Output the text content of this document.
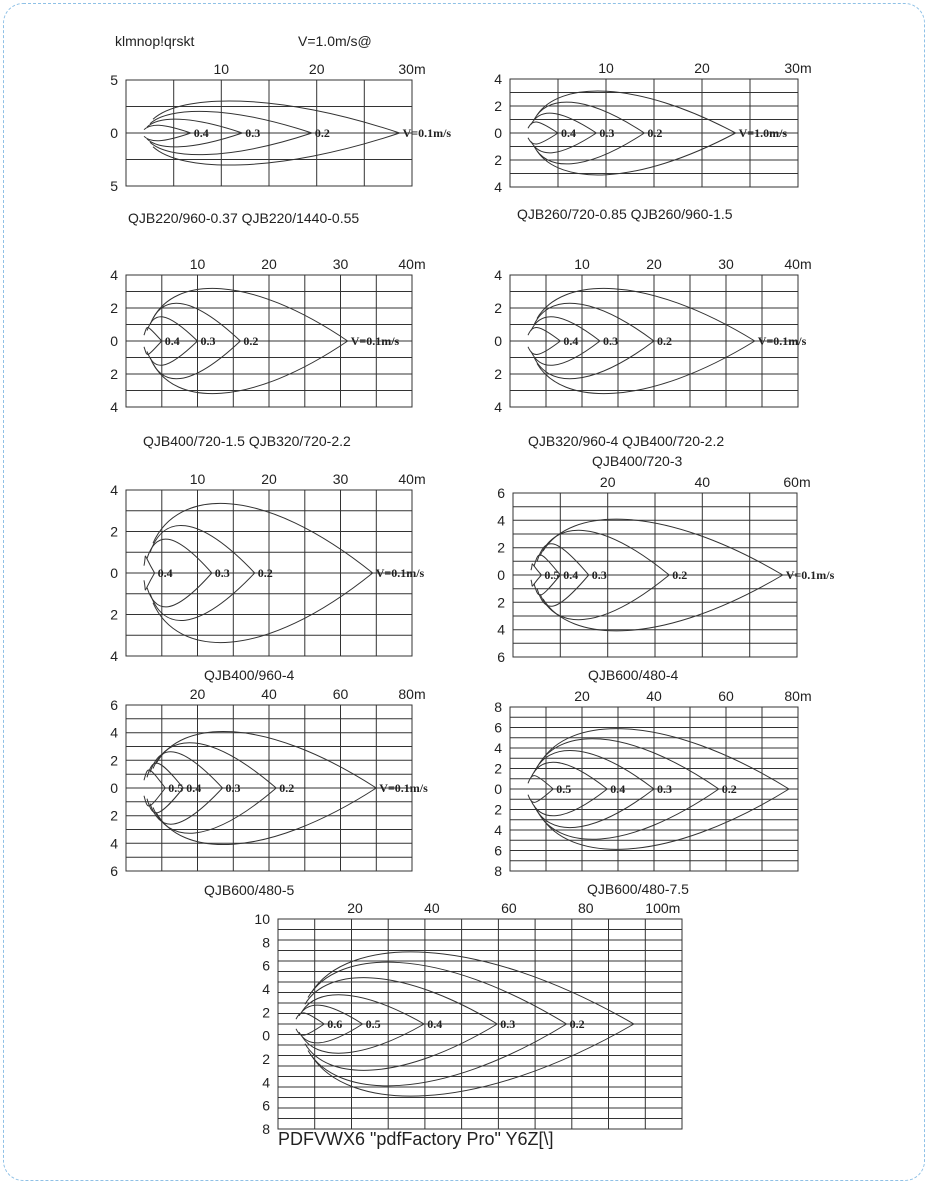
klmnop!qrskt	V=1.0m/s@
10	20	30m
5
0
5
0.4	0.3	0.2	V=0.1m/s
QJB220/960-0.37 QJB220/1440-0.55
10	20	30m
4
2
0
2
4
0.4 0.3	0.2	V=1.0m/s
QJB260/720-0.85 QJB260/960-1.5
10	20	30	40m
4
2
0
2
4
0.4 0.3 0.2	V=0.1m/s
QJB400/720-1.5 QJB320/720-2.2
10	20	30	40m
4
2
0
2
4
0.4 0.3	0.2	V=0.1m/s
QJB320/960-4 QJB400/720-2.2
QJB400/720-3
10	20	30	40m
4
2
0
2
4
0.4	0.3 0.2	V=0.1m/s
QJB400/960-4
20	40	60m
6
4
2
0
2
4
6
0.5 0.4 0.3	0.2	V=0.1m/s
QJB600/480-4
20	40	60	80m
6
4
2
0
2
4
6
0.5 0.4 0.3	0.2	V=0.1m/s
QJB600/480-5
20	40	60	80m
8
6
4
2
0
2
4
6
8
0.5	0.4	0.3	0.2
QJB600/480-7.5
20	40	60	80	100m
10
8
6
4
2
0
2
4
6
8
0.6 0.5	0.4	0.3	0.2
PDFVWX6 "pdfFactory Pro" Y6Z[\]
